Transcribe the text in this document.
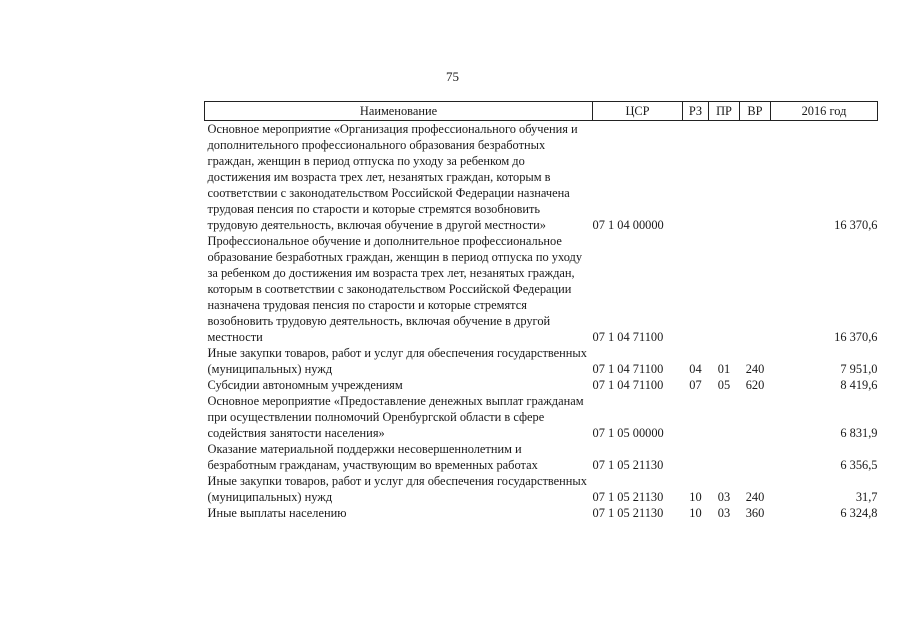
75
Наименование	ЦСР	РЗ	ПР	ВР	2016 год
Основное мероприятие «Организация профессионального обучения и дополнительного профессионального образования безработных граждан, женщин в период отпуска по уходу за ребенком до достижения им возраста трех лет, незанятых граждан, которым в соответствии с законодательством Российской Федерации назначена трудовая пенсия по старости и которые стремятся возобновить трудовую деятельность, включая обучение в другой местности»	07 1 04 00000				16 370,6
Профессиональное обучение и дополнительное профессиональное образование безработных граждан, женщин в период отпуска по уходу за ребенком до достижения им возраста трех лет, незанятых граждан, которым в соответствии с законодательством Российской Федерации назначена трудовая пенсия по старости и которые стремятся возобновить трудовую деятельность, включая обучение в другой местности	07 1 04 71100				16 370,6
Иные закупки товаров, работ и услуг для обеспечения государственных (муниципальных) нужд	07 1 04 71100	04	01	240	7 951,0
Субсидии автономным учреждениям	07 1 04 71100	07	05	620	8 419,6
Основное мероприятие «Предоставление денежных выплат гражданам при осуществлении полномочий Оренбургской области в сфере содействия занятости населения»	07 1 05 00000				6 831,9
Оказание материальной поддержки несовершеннолетним и безработным гражданам, участвующим во временных работах	07 1 05 21130				6 356,5
Иные закупки товаров, работ и услуг для обеспечения государственных (муниципальных) нужд	07 1 05 21130	10	03	240	31,7
Иные выплаты населению	07 1 05 21130	10	03	360	6 324,8
